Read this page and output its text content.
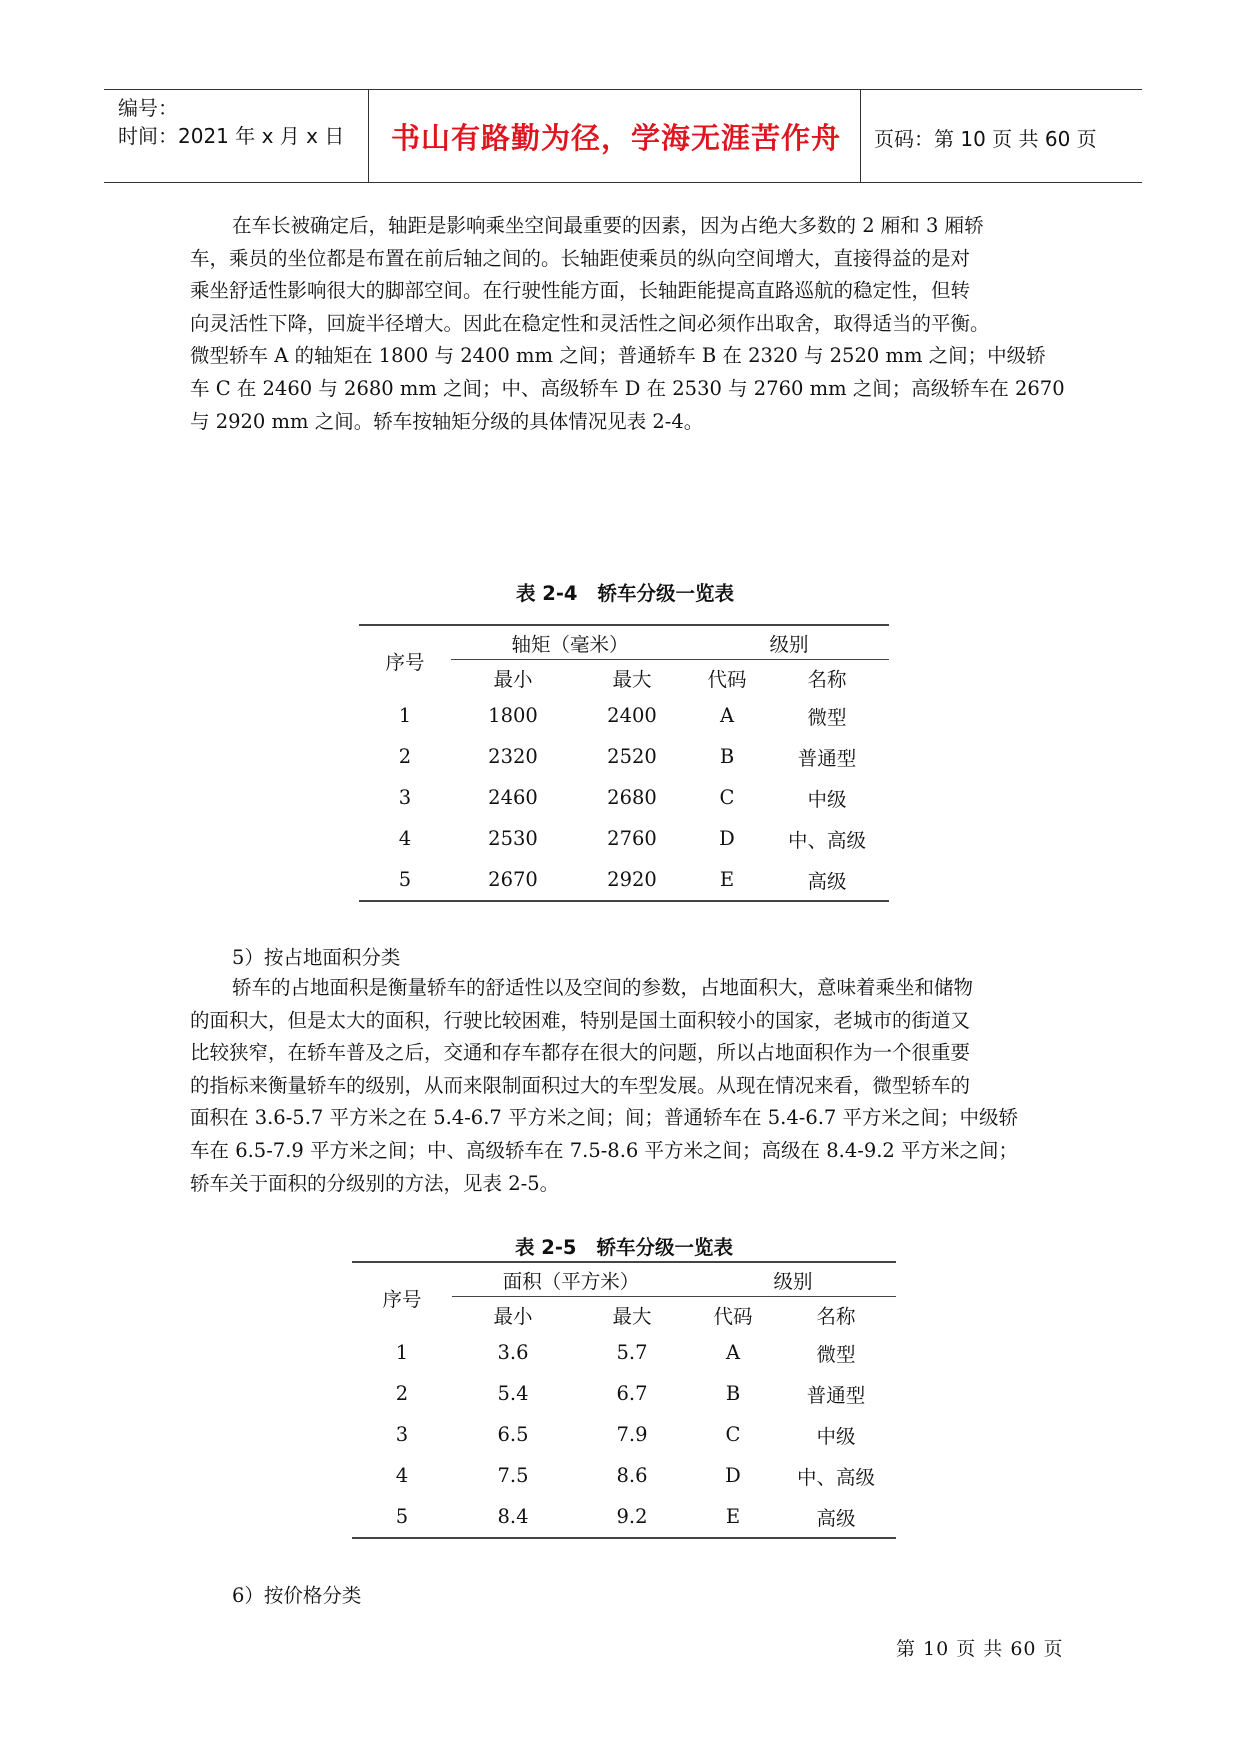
编号：
时间：2021 年 x 月 x 日	书山有路勤为径，学海无涯苦作舟	页码：第 10 页 共 60 页
在车长被确定后，轴距是影响乘坐空间最重要的因素，因为占绝大多数的 2 厢和 3 厢轿
车，乘员的坐位都是布置在前后轴之间的。长轴距使乘员的纵向空间增大，直接得益的是对
乘坐舒适性影响很大的脚部空间。在行驶性能方面，长轴距能提高直路巡航的稳定性，但转
向灵活性下降，回旋半径增大。因此在稳定性和灵活性之间必须作出取舍，取得适当的平衡。
微型轿车 A 的轴矩在 1800 与 2400 mm 之间；普通轿车 B 在 2320 与 2520 mm 之间；中级轿
车 C 在 2460 与 2680 mm 之间；中、高级轿车 D 在 2530 与 2760 mm 之间；高级轿车在 2670
与 2920 mm 之间。轿车按轴矩分级的具体情况见表 2-4。
表 2-4 轿车分级一览表
序号	轴矩（毫米）		级别	
	最小	最大	代码	名称
1	1800	2400	A	微型
2	2320	2520	B	普通型
3	2460	2680	C	中级
4	2530	2760	D	中、高级
5	2670	2920	E	高级
5）按占地面积分类
轿车的占地面积是衡量轿车的舒适性以及空间的参数，占地面积大，意味着乘坐和储物
的面积大，但是太大的面积，行驶比较困难，特别是国土面积较小的国家，老城市的街道又
比较狭窄，在轿车普及之后，交通和存车都存在很大的问题，所以占地面积作为一个很重要
的指标来衡量轿车的级别，从而来限制面积过大的车型发展。从现在情况来看，微型轿车的
面积在 3.6-5.7 平方米之在 5.4-6.7 平方米之间；间；普通轿车在 5.4-6.7 平方米之间；中级轿
车在 6.5-7.9 平方米之间；中、高级轿车在 7.5-8.6 平方米之间；高级在 8.4-9.2 平方米之间；
轿车关于面积的分级别的方法，见表 2-5。
表 2-5 轿车分级一览表
序号	面积（平方米）		级别	
	最小	最大	代码	名称
1	3.6	5.7	A	微型
2	5.4	6.7	B	普通型
3	6.5	7.9	C	中级
4	7.5	8.6	D	中、高级
5	8.4	9.2	E	高级
6）按价格分类
第 10 页 共 60 页
